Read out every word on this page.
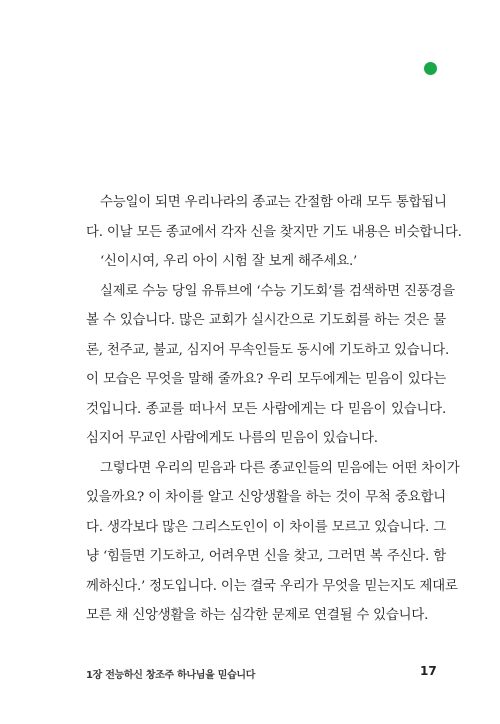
수능일이 되면 우리나라의 종교는 간절함 아래 모두 통합됩니
다. 이날 모든 종교에서 각자 신을 찾지만 기도 내용은 비슷합니다.
‘신이시여, 우리 아이 시험 잘 보게 해주세요.’
실제로 수능 당일 유튜브에 ‘수능 기도회’를 검색하면 진풍경을
볼 수 있습니다. 많은 교회가 실시간으로 기도회를 하는 것은 물
론, 천주교, 불교, 심지어 무속인들도 동시에 기도하고 있습니다.
이 모습은 무엇을 말해 줄까요? 우리 모두에게는 믿음이 있다는
것입니다. 종교를 떠나서 모든 사람에게는 다 믿음이 있습니다.
심지어 무교인 사람에게도 나름의 믿음이 있습니다.
그렇다면 우리의 믿음과 다른 종교인들의 믿음에는 어떤 차이가
있을까요? 이 차이를 알고 신앙생활을 하는 것이 무척 중요합니
다. 생각보다 많은 그리스도인이 이 차이를 모르고 있습니다. 그
냥 ‘힘들면 기도하고, 어려우면 신을 찾고, 그러면 복 주신다. 함
께하신다.’ 정도입니다. 이는 결국 우리가 무엇을 믿는지도 제대로
모른 채 신앙생활을 하는 심각한 문제로 연결될 수 있습니다.
1장 전능하신 창조주 하나님을 믿습니다	17
